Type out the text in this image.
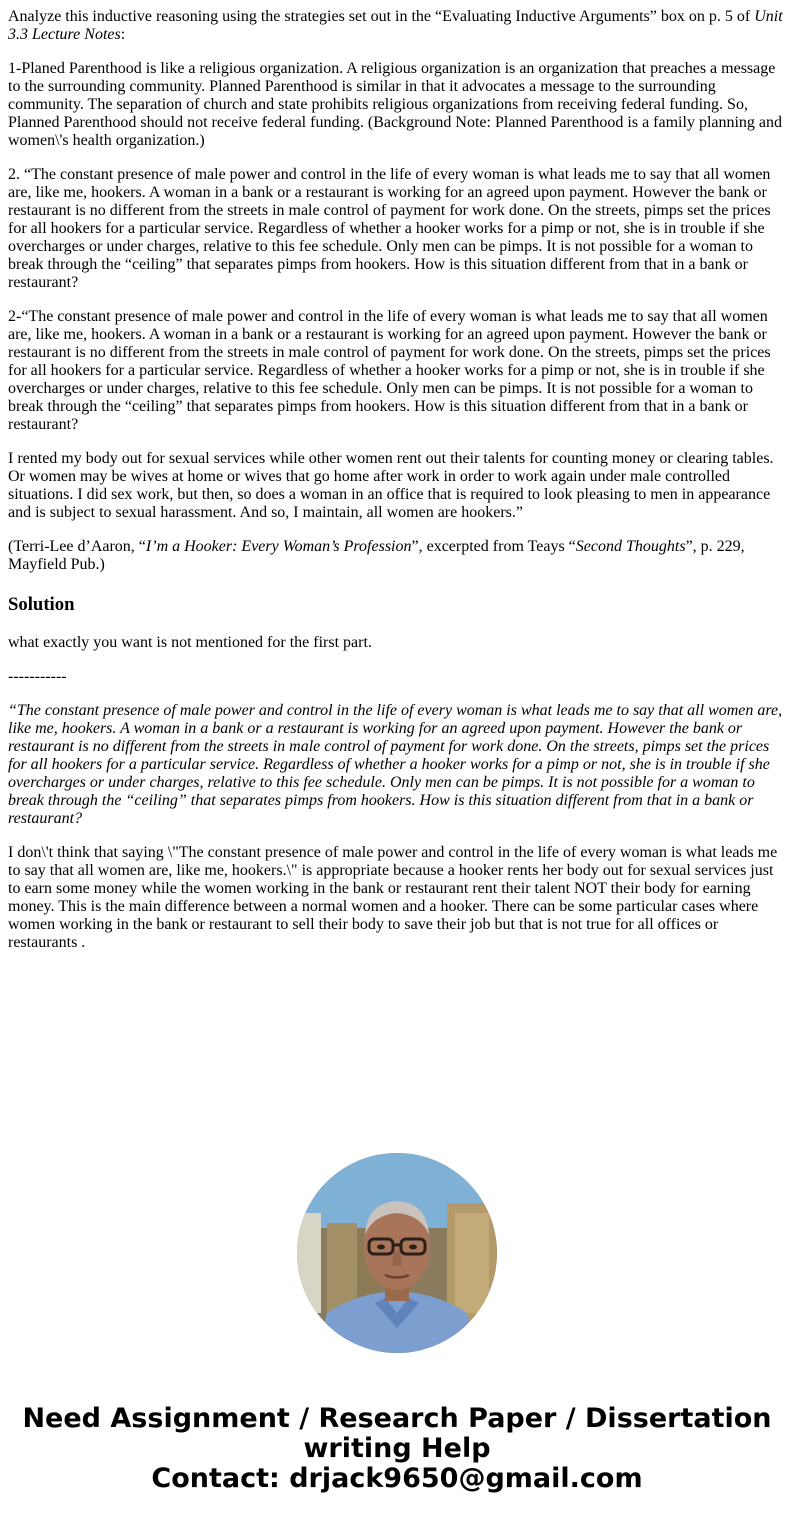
Analyze this inductive reasoning using the strategies set out in the “Evaluating Inductive Arguments” box on p. 5 of Unit 3.3 Lecture Notes:

1-Planed Parenthood is like a religious organization. A religious organization is an organization that preaches a message to the surrounding community. Planned Parenthood is similar in that it advocates a message to the surrounding community. The separation of church and state prohibits religious organizations from receiving federal funding. So, Planned Parenthood should not receive federal funding. (Background Note: Planned Parenthood is a family planning and women\'s health organization.)

2. “The constant presence of male power and control in the life of every woman is what leads me to say that all women are, like me, hookers. A woman in a bank or a restaurant is working for an agreed upon payment. However the bank or restaurant is no different from the streets in male control of payment for work done. On the streets, pimps set the prices for all hookers for a particular service. Regardless of whether a hooker works for a pimp or not, she is in trouble if she overcharges or under charges, relative to this fee schedule. Only men can be pimps. It is not possible for a woman to break through the “ceiling” that separates pimps from hookers. How is this situation different from that in a bank or restaurant?

2-“The constant presence of male power and control in the life of every woman is what leads me to say that all women are, like me, hookers. A woman in a bank or a restaurant is working for an agreed upon payment. However the bank or restaurant is no different from the streets in male control of payment for work done. On the streets, pimps set the prices for all hookers for a particular service. Regardless of whether a hooker works for a pimp or not, she is in trouble if she overcharges or under charges, relative to this fee schedule. Only men can be pimps. It is not possible for a woman to break through the “ceiling” that separates pimps from hookers. How is this situation different from that in a bank or restaurant?

I rented my body out for sexual services while other women rent out their talents for counting money or clearing tables. Or women may be wives at home or wives that go home after work in order to work again under male controlled situations. I did sex work, but then, so does a woman in an office that is required to look pleasing to men in appearance and is subject to sexual harassment. And so, I maintain, all women are hookers.”

(Terri-Lee d’Aaron, “I’m a Hooker: Every Woman’s Profession”, excerpted from Teays “Second Thoughts”, p. 229, Mayfield Pub.)

Solution

what exactly you want is not mentioned for the first part.

-----------

“The constant presence of male power and control in the life of every woman is what leads me to say that all women are, like me, hookers. A woman in a bank or a restaurant is working for an agreed upon payment. However the bank or restaurant is no different from the streets in male control of payment for work done. On the streets, pimps set the prices for all hookers for a particular service. Regardless of whether a hooker works for a pimp or not, she is in trouble if she overcharges or under charges, relative to this fee schedule. Only men can be pimps. It is not possible for a woman to break through the “ceiling” that separates pimps from hookers. How is this situation different from that in a bank or restaurant?

I don\'t think that saying \"The constant presence of male power and control in the life of every woman is what leads me to say that all women are, like me, hookers.\" is appropriate because a hooker rents her body out for sexual services just to earn some money while the women working in the bank or restaurant rent their talent NOT their body for earning money. This is the main difference between a normal women and a hooker. There can be some particular cases where women working in the bank or restaurant to sell their body to save their job but that is not true for all offices or restaurants .

Need Assignment / Research Paper / Dissertation
writing Help
Contact: drjack9650@gmail.com
